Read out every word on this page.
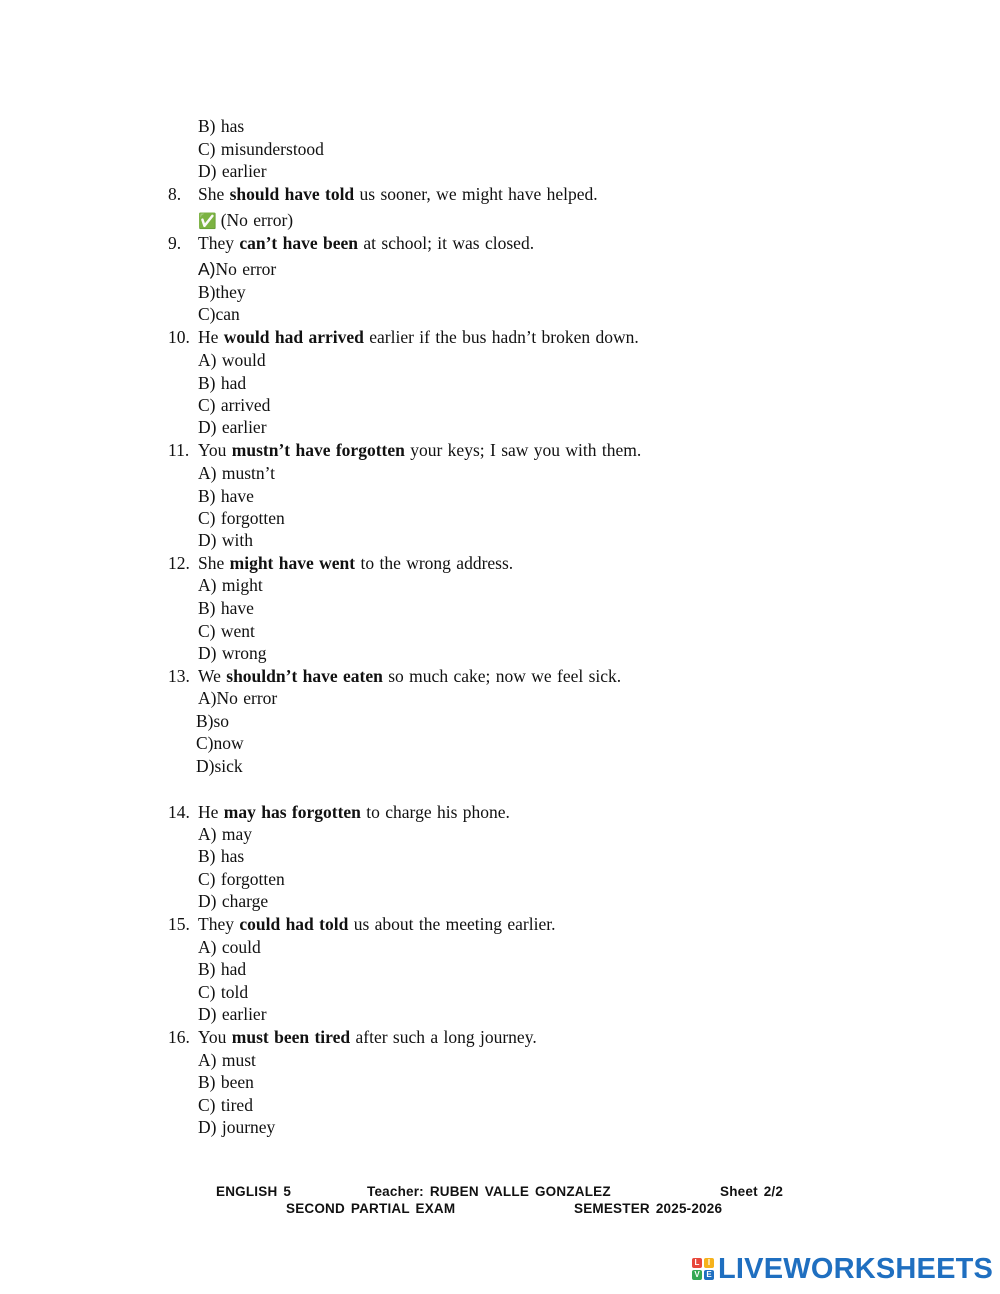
B) has
C) misunderstood
D) earlier
8. She should have told us sooner, we might have helped.
✅ (No error)
9. They can’t have been at school; it was closed.
A)No error
B)they
C)can
10. He would had arrived earlier if the bus hadn’t broken down.
A) would
B) had
C) arrived
D) earlier
11. You mustn’t have forgotten your keys; I saw you with them.
A) mustn’t
B) have
C) forgotten
D) with
12. She might have went to the wrong address.
A) might
B) have
C) went
D) wrong
13. We shouldn’t have eaten so much cake; now we feel sick.
A)No error
B)so
C)now
D)sick
14. He may has forgotten to charge his phone.
A) may
B) has
C) forgotten
D) charge
15. They could had told us about the meeting earlier.
A) could
B) had
C) told
D) earlier
16. You must been tired after such a long journey.
A) must
B) been
C) tired
D) journey
ENGLISH 5	Teacher: RUBEN VALLE GONZALEZ	Sheet 2/2
SECOND PARTIAL EXAM	SEMESTER 2025-2026
L	I
V E LIVEWORKSHEETS
